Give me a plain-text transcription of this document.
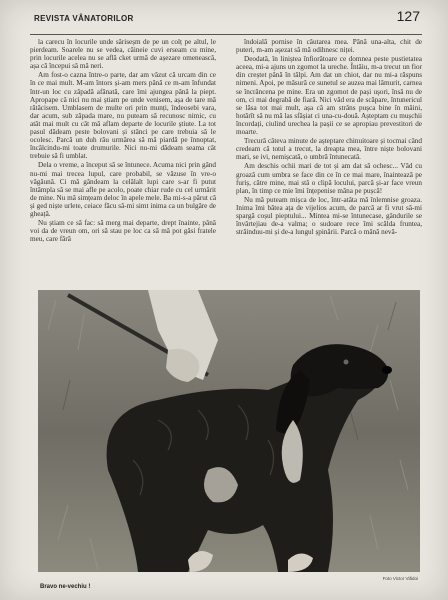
REVISTA VÂNATORILOR	127

la carecu în locurile unde săriseșm de pe un colț pe altul, le pierdeam. Soarele nu se vedea, căineie cuvi erseam cu mine, prin locurile acelea nu se află cket urmă de așezare omenească, așa că începui să mă neri.

Am fost-o cazna între-o parte, dar am văzut că urcam din ce în ce mai mult. M-am întors și-am mers până ce m-am înfundat într-un loc cu zăpadă afânată, care îmi ajungea până la piept. Apropape că nici nu mai știam pe unde venisem, așa de tare mă rătăcisem. Umblasem de multe ori prin munți, îndeosebi vara, dar acum, sub zăpada mare, nu puteam să recunosc nimic, cu atât mai mult cu cât mă aflam departe de locurile știute. La tot pasul dădeam peste bolovani și stânci pe care trebuia să le ocolesc. Parcă un duh rău urmărea să mă piardă pe înnoptat, încâlcindu-mi toate drumurile. Nici nu-mi dădeam seama cât trebuie să fi umblat.

Dela o vreme, a început să se întunece. Acuma nici prin gând nu-mi mai trecea lupul, care probabil, se văzuse în vre-o văgăună. Ci mă gândeam la celălalt lupi care s-ar fi putut întâmpla să se mai afle pe acolo, poate chiar rude cu cel urmărit de mine. Nu mă simțeam deloc în apele mele. Ba mi-s-a părut că și ged niște urlete, ceiace făcu să-mi simt inima ca un bulgăre de gheață.

Nu știam ce să fac: să merg mai departe, drept înainte, până voi da de vreun om, ori să stau pe loc ca să mă pot găsi fratele meu, care fără

îndoială pornise în căutarea mea. Până una-alta, chit de puteri, m-am așezat să mă odihnesc niței.

Deodată, în liniștea înfiorătoare ce domnea peste pustietatea aceea, mi-a ajuns un zgomot la ureche. Întâiu, m-a trecut un fior din creștet până în tălpi. Am dat un chiot, dar nu mi-a răspuns nimeni. Apoi, pe măsură ce sunetul se auzea mai lămurit, carnea se încrâncena pe mine. Era un zgomot de pași uşori, însă nu de om, ci mai degrabă de fiară. Nici văd era de scăpare, întunericul se lăsa tot mai mult, așa că am strâns pușca bine în mâini, hotărît să nu mă las sfâșiat ci una-cu-două. Așteptam cu mușchii încordați, ciulind urechea la pașii ce se apropiau prevestitori de moarte.

Trecură câteva minute de așteptare chinuitoare și tocmai când credeam că totul a trecut, la dreapta mea, între niște bolovani mari, se ivi, nemișcată, o umbră întunecată.

Am deschis ochii mari de tot și am dat să ochesc... Văd cu groază cum umbra se face din ce în ce mai mare, înaintează pe furiș, către mine, mai stă o clipă locului, parcă și-ar face vreun plan, în timp ce mie îmi înțepenise mâna pe pușcă!

Nu mă puteam mișca de loc, într-atâta mă înlemnise groaza. Inima îmi bătea ața de vijelios acum, de parcă ar fi vrut să-mi spargă coșul pieptului... Mintea mi-se întunecase, gândurile se învârtejiau de-a valma; o sudoare rece îmi scălda fruntea, străinduu-mi și de-a lungul șpinării. Parcă o mână nevă-

Foto Victor Vlădoi
Bravo ne-vechiu !
